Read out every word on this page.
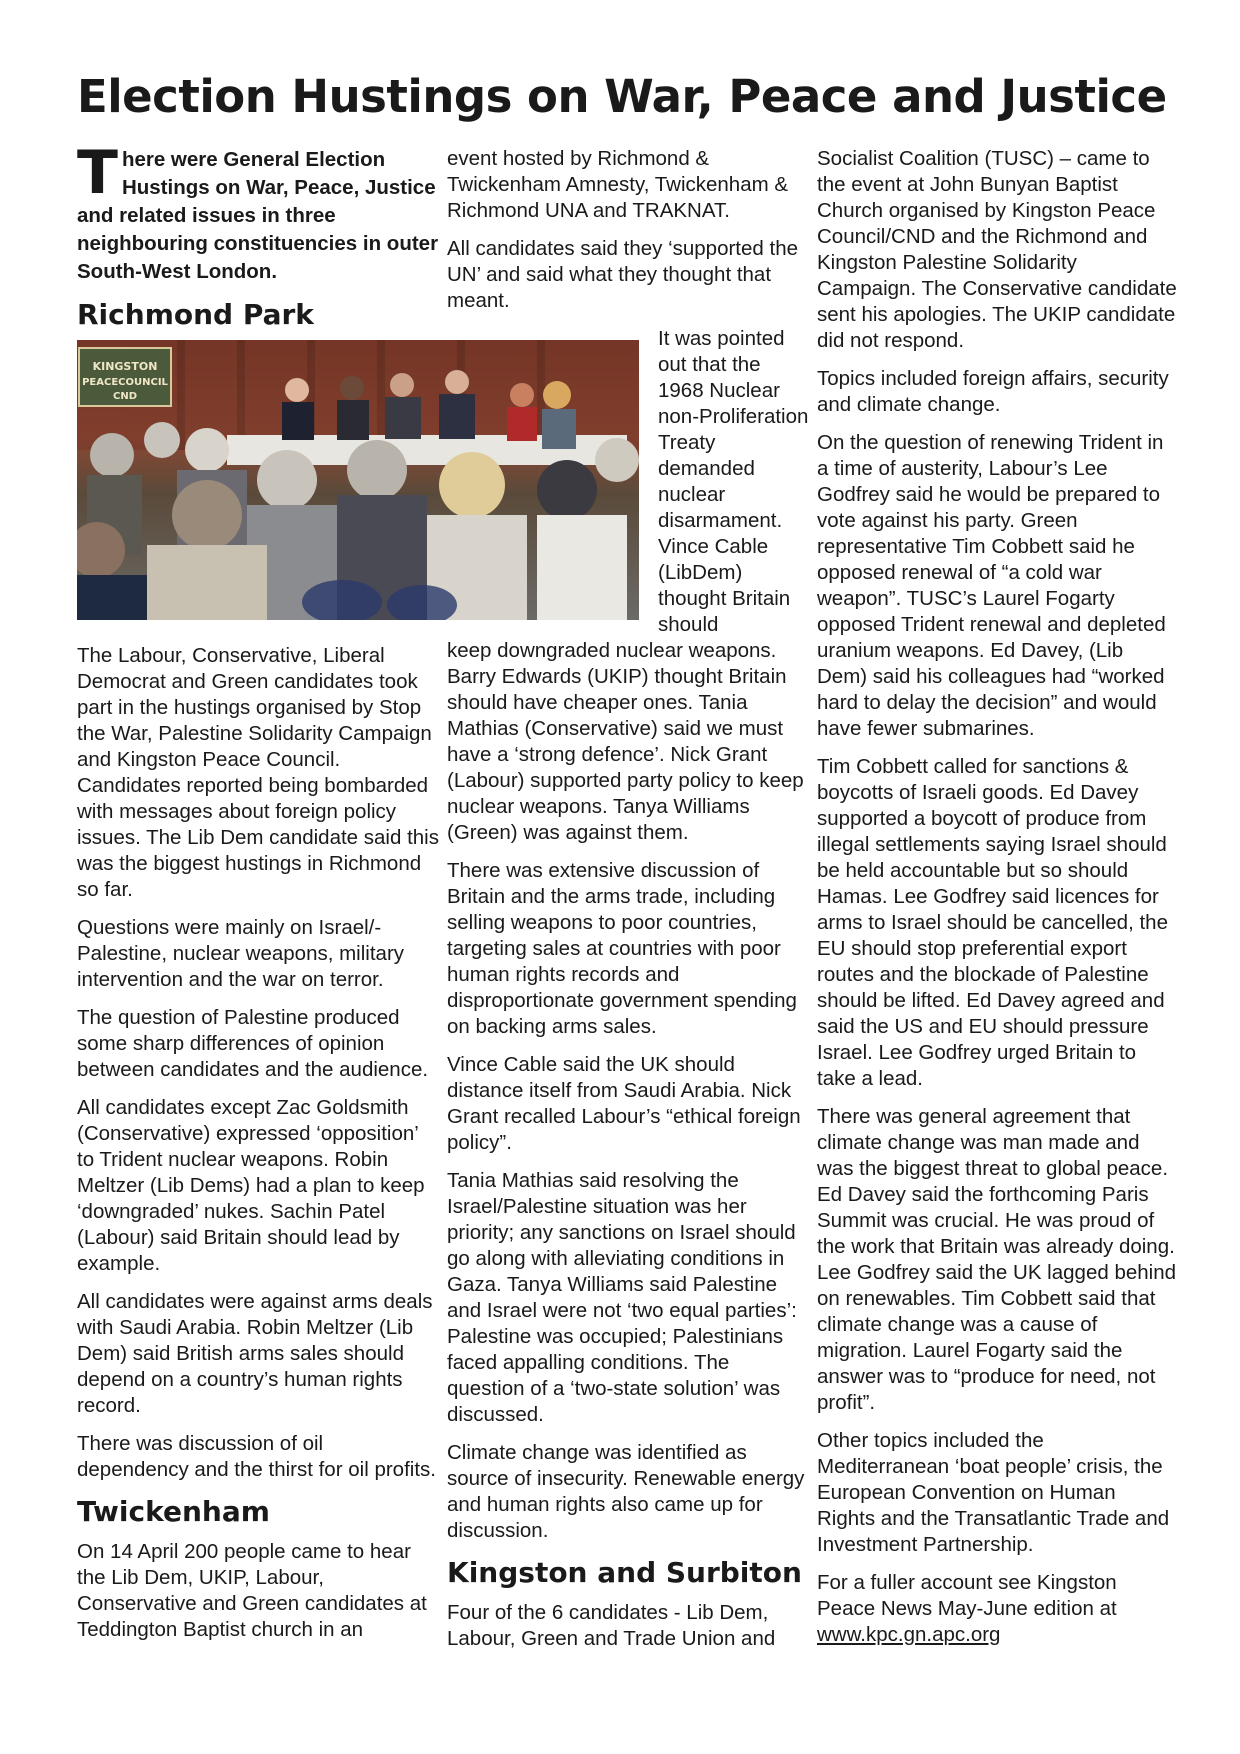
Election Hustings on War, Peace and Justice

There were General Election Hustings on War, Peace, Justice and related issues in three neighbouring constituencies in outer South-West London.

Richmond Park
KINGSTON
PEACECOUNCIL
CND
It was pointed out that the 1968 Nuclear non-Proliferation Treaty demanded nuclear disarmament. Vince Cable (LibDem) thought Britain should

The Labour, Conservative, Liberal Democrat and Green candidates took part in the hustings organised by Stop the War, Palestine Solidarity Campaign and Kingston Peace Council. Candidates reported being bombarded with messages about foreign policy issues. The Lib Dem candidate said this was the biggest hustings in Richmond so far.

Questions were mainly on Israel/-Palestine, nuclear weapons, military intervention and the war on terror.

The question of Palestine produced some sharp differences of opinion between candidates and the audience.

All candidates except Zac Goldsmith (Conservative) expressed ‘opposition’ to Trident nuclear weapons. Robin Meltzer (Lib Dems) had a plan to keep ‘downgraded’ nukes. Sachin Patel (Labour) said Britain should lead by example.

All candidates were against arms deals with Saudi Arabia. Robin Meltzer (Lib Dem) said British arms sales should depend on a country’s human rights record.

There was discussion of oil dependency and the thirst for oil profits.

Twickenham

On 14 April 200 people came to hear the Lib Dem, UKIP, Labour, Conservative and Green candidates at Teddington Baptist church in an

event hosted by Richmond & Twickenham Amnesty, Twickenham & Richmond UNA and TRAKNAT.

All candidates said they ‘supported the UN’ and said what they thought that meant.

keep downgraded nuclear weapons. Barry Edwards (UKIP) thought Britain should have cheaper ones. Tania Mathias (Conservative) said we must have a ‘strong defence’. Nick Grant (Labour) supported party policy to keep nuclear weapons. Tanya Williams (Green) was against them.

There was extensive discussion of Britain and the arms trade, including selling weapons to poor countries, targeting sales at countries with poor human rights records and disproportionate government spending on backing arms sales.

Vince Cable said the UK should distance itself from Saudi Arabia. Nick Grant recalled Labour’s “ethical foreign policy”.

Tania Mathias said resolving the Israel/Palestine situation was her priority; any sanctions on Israel should go along with alleviating conditions in Gaza. Tanya Williams said Palestine and Israel were not ‘two equal parties’: Palestine was occupied; Palestinians faced appalling conditions. The question of a ‘two-state solution’ was discussed.

Climate change was identified as source of insecurity. Renewable energy and human rights also came up for discussion.

Kingston and Surbiton

Four of the 6 candidates - Lib Dem, Labour, Green and Trade Union and

Socialist Coalition (TUSC) – came to the event at John Bunyan Baptist Church organised by Kingston Peace Council/CND and the Richmond and Kingston Palestine Solidarity Campaign. The Conservative candidate sent his apologies. The UKIP candidate did not respond.

Topics included foreign affairs, security and climate change.

On the question of renewing Trident in a time of austerity, Labour’s Lee Godfrey said he would be prepared to vote against his party. Green representative Tim Cobbett said he opposed renewal of “a cold war weapon”. TUSC’s Laurel Fogarty opposed Trident renewal and depleted uranium weapons. Ed Davey, (Lib Dem) said his colleagues had “worked hard to delay the decision” and would have fewer submarines.

Tim Cobbett called for sanctions & boycotts of Israeli goods. Ed Davey supported a boycott of produce from illegal settlements saying Israel should be held accountable but so should Hamas. Lee Godfrey said licences for arms to Israel should be cancelled, the EU should stop preferential export routes and the blockade of Palestine should be lifted. Ed Davey agreed and said the US and EU should pressure Israel. Lee Godfrey urged Britain to take a lead.

There was general agreement that climate change was man made and was the biggest threat to global peace. Ed Davey said the forthcoming Paris Summit was crucial. He was proud of the work that Britain was already doing. Lee Godfrey said the UK lagged behind on renewables. Tim Cobbett said that climate change was a cause of migration. Laurel Fogarty said the answer was to “produce for need, not profit”.

Other topics included the Mediterranean ‘boat people’ crisis, the European Convention on Human Rights and the Transatlantic Trade and Investment Partnership.

For a fuller account see Kingston Peace News May-June edition at www.kpc.gn.apc.org
